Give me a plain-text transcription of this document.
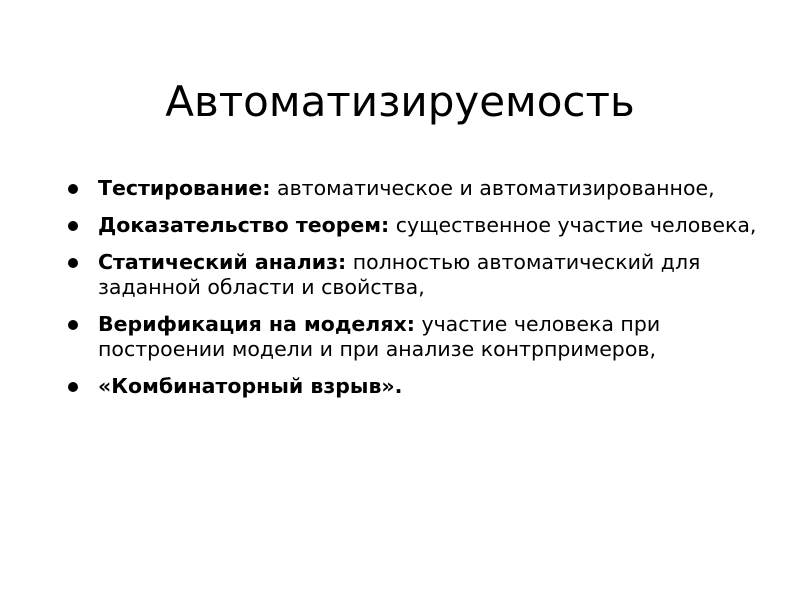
Автоматизируемость
Тестирование: автоматическое и автоматизированное,
Доказательство теорем: существенное участие человека,
Статический анализ: полностью автоматический для заданной области и свойства,
Верификация на моделях: участие человека при построении модели и при анализе контрпримеров,
«Комбинаторный взрыв».
